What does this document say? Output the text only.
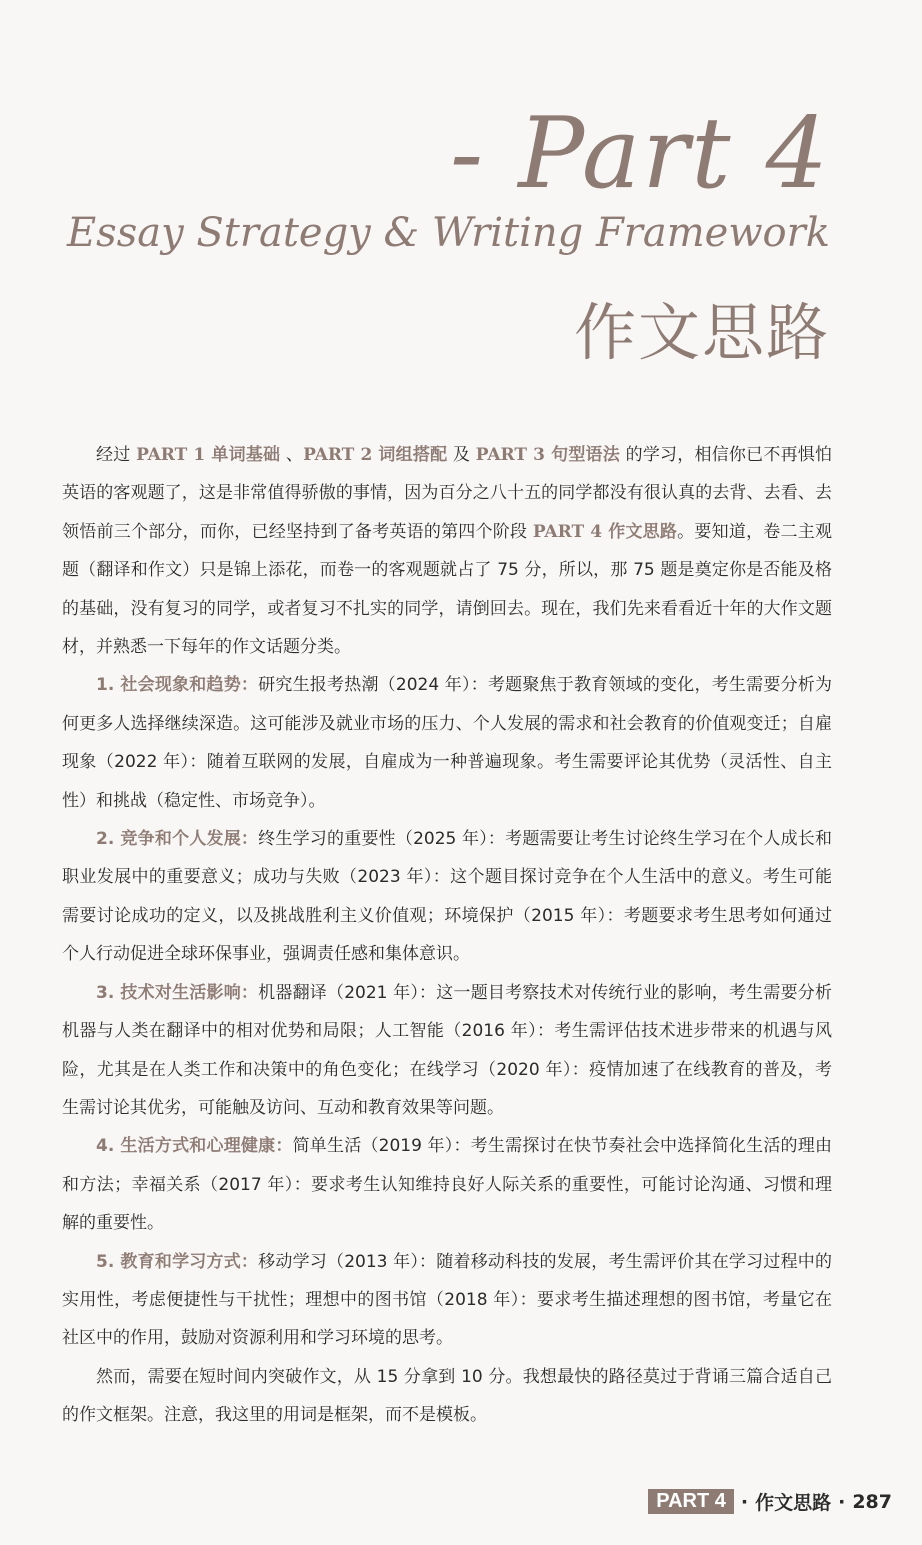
- Part 4
Essay Strategy & Writing Framework
作文思路

经过 PART 1 单词基础 、PART 2 词组搭配 及 PART 3 句型语法 的学习，相信你已不再惧怕英语的客观题了，这是非常值得骄傲的事情，因为百分之八十五的同学都没有很认真的去背、去看、去领悟前三个部分，而你，已经坚持到了备考英语的第四个阶段 PART 4 作文思路。要知道，卷二主观题（翻译和作文）只是锦上添花，而卷一的客观题就占了 75 分，所以，那 75 题是奠定你是否能及格的基础，没有复习的同学，或者复习不扎实的同学，请倒回去。现在，我们先来看看近十年的大作文题材，并熟悉一下每年的作文话题分类。

1. 社会现象和趋势：研究生报考热潮（2024 年）：考题聚焦于教育领域的变化，考生需要分析为何更多人选择继续深造。这可能涉及就业市场的压力、个人发展的需求和社会教育的价值观变迁；自雇现象（2022 年）：随着互联网的发展，自雇成为一种普遍现象。考生需要评论其优势（灵活性、自主性）和挑战（稳定性、市场竞争）。

2. 竞争和个人发展：终生学习的重要性（2025 年）：考题需要让考生讨论终生学习在个人成长和职业发展中的重要意义；成功与失败（2023 年）：这个题目探讨竞争在个人生活中的意义。考生可能需要讨论成功的定义，以及挑战胜利主义价值观；环境保护（2015 年）：考题要求考生思考如何通过个人行动促进全球环保事业，强调责任感和集体意识。

3. 技术对生活影响：机器翻译（2021 年）：这一题目考察技术对传统行业的影响，考生需要分析机器与人类在翻译中的相对优势和局限；人工智能（2016 年）：考生需评估技术进步带来的机遇与风险，尤其是在人类工作和决策中的角色变化；在线学习（2020 年）：疫情加速了在线教育的普及，考生需讨论其优劣，可能触及访问、互动和教育效果等问题。

4. 生活方式和心理健康：简单生活（2019 年）：考生需探讨在快节奏社会中选择简化生活的理由和方法；幸福关系（2017 年）：要求考生认知维持良好人际关系的重要性，可能讨论沟通、习惯和理解的重要性。

5. 教育和学习方式：移动学习（2013 年）：随着移动科技的发展，考生需评价其在学习过程中的实用性，考虑便捷性与干扰性；理想中的图书馆（2018 年）：要求考生描述理想的图书馆，考量它在社区中的作用，鼓励对资源利用和学习环境的思考。

然而，需要在短时间内突破作文，从 15 分拿到 10 分。我想最快的路径莫过于背诵三篇合适自己的作文框架。注意，我这里的用词是框架，而不是模板。

PART 4 · 作文思路 · 287
